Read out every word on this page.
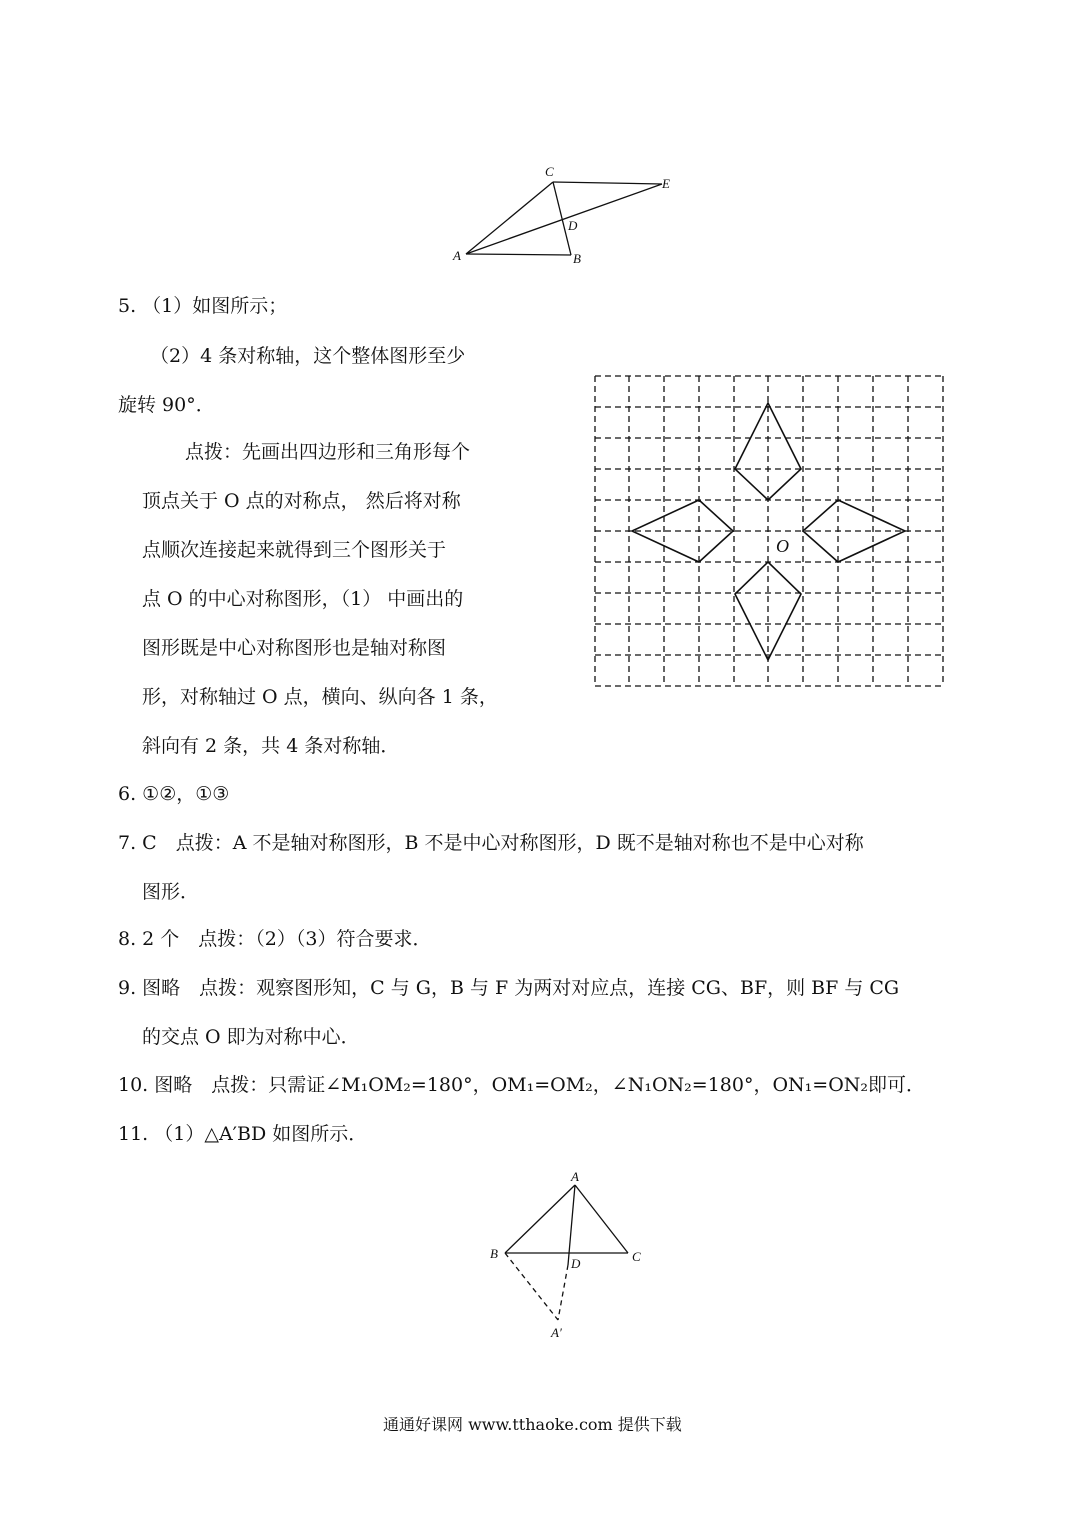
C
E
D
A	B
5. （1）如图所示；
（2）4 条对称轴，这个整体图形至少
旋转 90°．
点拨：先画出四边形和三角形每个
顶点关于 O 点的对称点， 然后将对称
点顺次连接起来就得到三个图形关于
点 O 的中心对称图形，（1） 中画出的
图形既是中心对称图形也是轴对称图
形，对称轴过 O 点，横向、纵向各 1 条，
斜向有 2 条，共 4 条对称轴．
O
6. ①②，①③
7. C　点拨：A 不是轴对称图形，B 不是中心对称图形，D 既不是轴对称也不是中心对称
图形．
8. 2 个　点拨：（2）（3）符合要求．
9. 图略　点拨：观察图形知，C 与 G，B 与 F 为两对对应点，连接 CG、BF，则 BF 与 CG
的交点 O 即为对称中心．
10. 图略　点拨：只需证∠M₁OM₂=180°，OM₁=OM₂，∠N₁ON₂=180°，ON₁=ON₂即可．
11. （1）△A′BD 如图所示．
A
B	C
D
A′
通通好课网 www.tthaoke.com 提供下载
